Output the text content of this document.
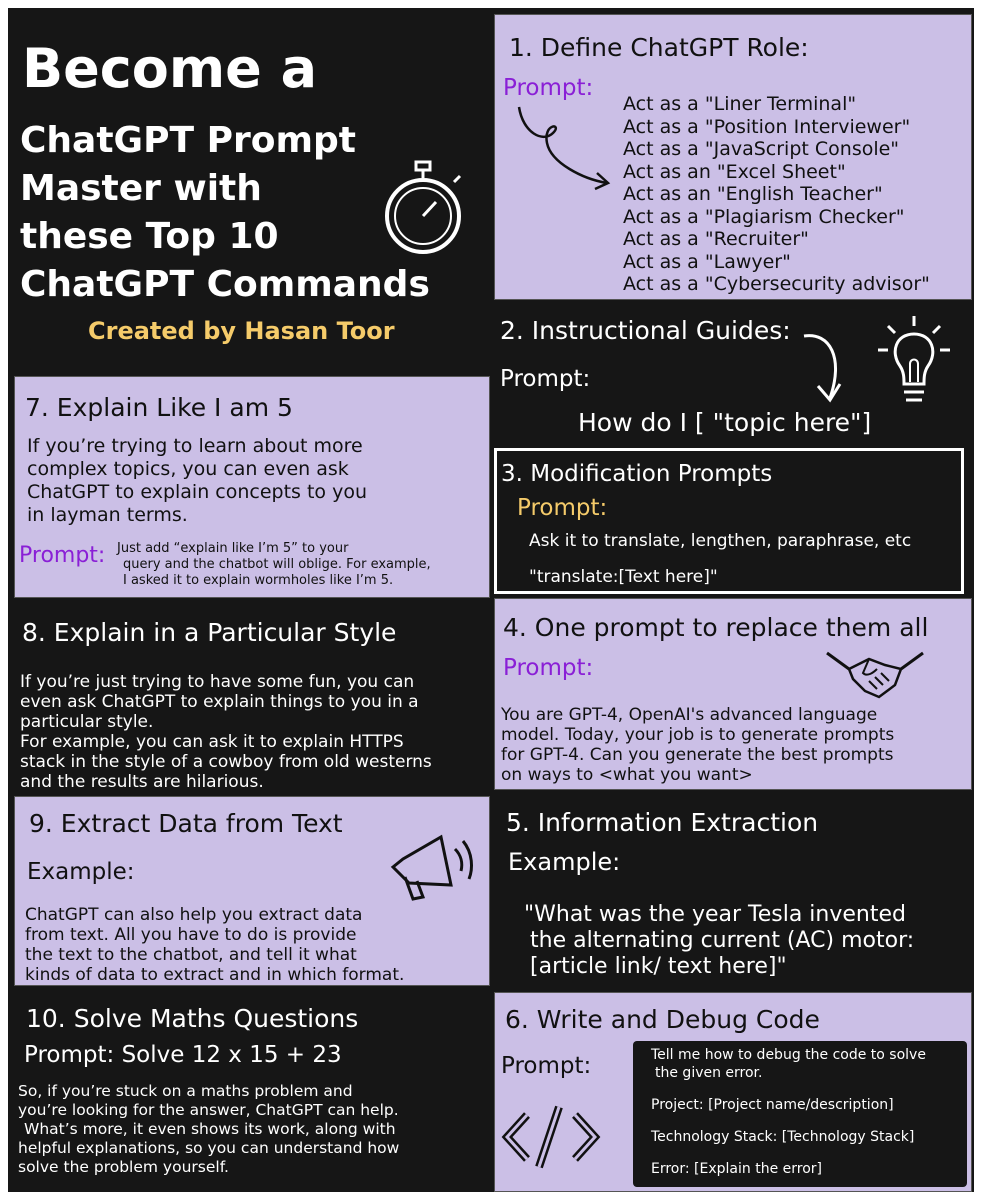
Become a
ChatGPT Prompt
Master with
these Top 10
ChatGPT Commands
Created by Hasan Toor
1. Define ChatGPT Role:
Prompt:
Act as a "Liner Terminal"
Act as a "Position Interviewer"
Act as a "JavaScript Console"
Act as an "Excel Sheet"
Act as an "English Teacher"
Act as a "Plagiarism Checker"
Act as a "Recruiter"
Act as a "Lawyer"
Act as a "Cybersecurity advisor"
2. Instructional Guides:
Prompt:
How do I [ "topic here"]
3. Modification Prompts
Prompt:
Ask it to translate, lengthen, paraphrase, etc
"translate:[Text here]"
7. Explain Like I am 5
If you’re trying to learn about more
complex topics, you can even ask
ChatGPT to explain concepts to you
in layman terms.
Prompt: Just add “explain like I’m 5” to your
query and the chatbot will oblige. For example,
I asked it to explain wormholes like I’m 5.
8. Explain in a Particular Style
If you’re just trying to have some fun, you can
even ask ChatGPT to explain things to you in a
particular style.
For example, you can ask it to explain HTTPS
stack in the style of a cowboy from old westerns
and the results are hilarious.
4. One prompt to replace them all
Prompt:
You are GPT-4, OpenAI's advanced language
model. Today, your job is to generate prompts
for GPT-4. Can you generate the best prompts
on ways to <what you want>
9. Extract Data from Text
Example:
ChatGPT can also help you extract data
from text. All you have to do is provide
the text to the chatbot, and tell it what
kinds of data to extract and in which format.
5. Information Extraction
Example:
"What was the year Tesla invented
the alternating current (AC) motor:
[article link/ text here]"
10. Solve Maths Questions
Prompt: Solve 12 x 15 + 23
So, if you’re stuck on a maths problem and
you’re looking for the answer, ChatGPT can help.
What’s more, it even shows its work, along with
helpful explanations, so you can understand how
solve the problem yourself.
6. Write and Debug Code
Prompt:	Tell me how to debug the code to solve
the given error.
Project: [Project name/description]
Technology Stack: [Technology Stack]
Error: [Explain the error]
